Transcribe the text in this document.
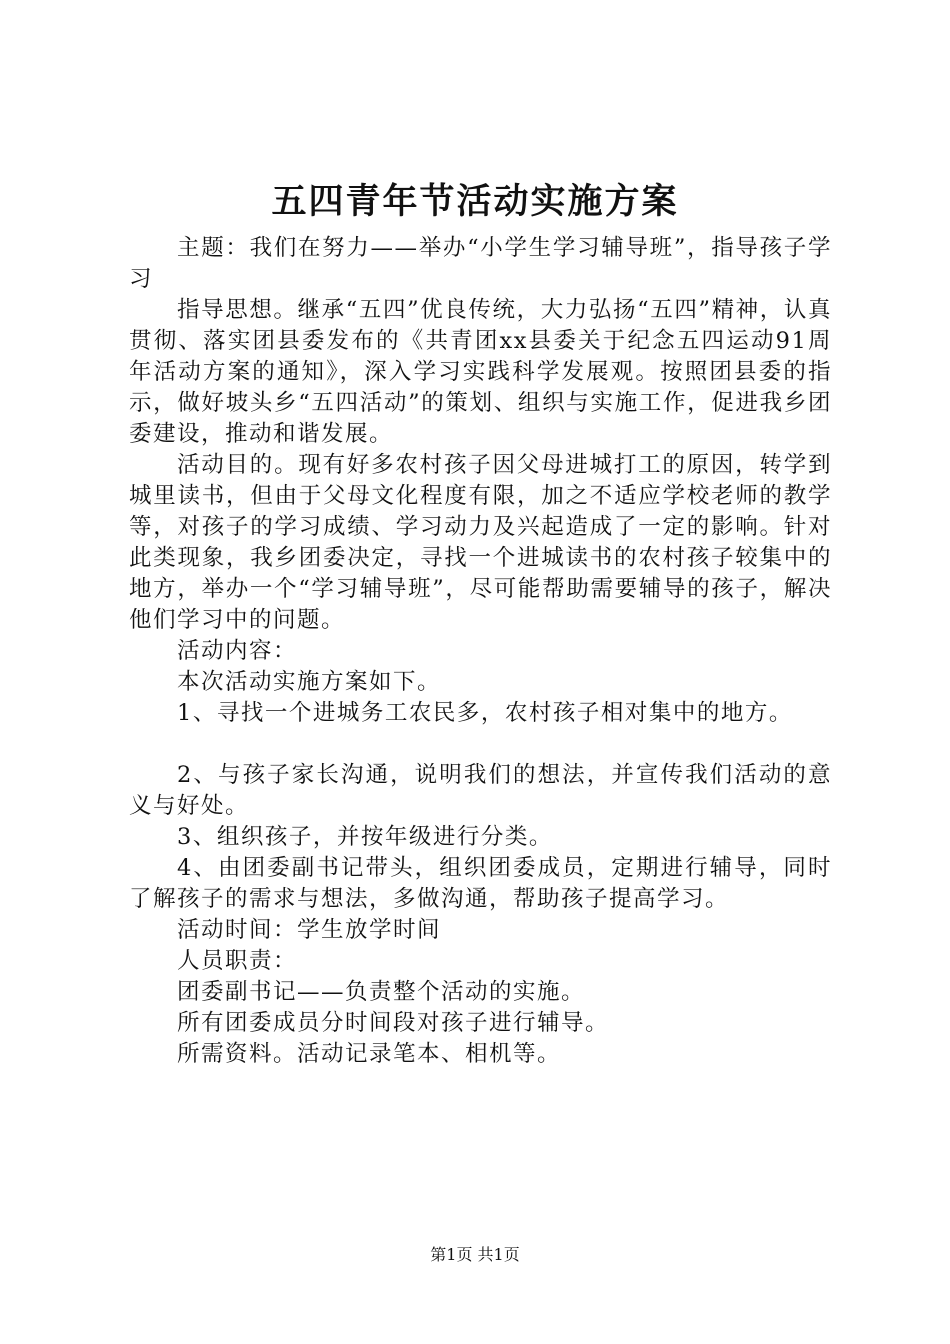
五四青年节活动实施方案

主题：我们在努力——举办“小学生学习辅导班”，指导孩子学习

指导思想。继承“五四”优良传统，大力弘扬“五四”精神，认真贯彻、落实团县委发布的《共青团xx县委关于纪念五四运动91周年活动方案的通知》，深入学习实践科学发展观。按照团县委的指示，做好坡头乡“五四活动”的策划、组织与实施工作，促进我乡团委建设，推动和谐发展。

活动目的。现有好多农村孩子因父母进城打工的原因，转学到城里读书，但由于父母文化程度有限，加之不适应学校老师的教学等，对孩子的学习成绩、学习动力及兴起造成了一定的影响。针对此类现象，我乡团委决定，寻找一个进城读书的农村孩子较集中的地方，举办一个“学习辅导班”，尽可能帮助需要辅导的孩子，解决他们学习中的问题。

活动内容：

本次活动实施方案如下。

1、寻找一个进城务工农民多，农村孩子相对集中的地方。

2、与孩子家长沟通，说明我们的想法，并宣传我们活动的意义与好处。

3、组织孩子，并按年级进行分类。

4、由团委副书记带头，组织团委成员，定期进行辅导，同时了解孩子的需求与想法，多做沟通，帮助孩子提高学习。

活动时间：学生放学时间

人员职责：

团委副书记——负责整个活动的实施。

所有团委成员分时间段对孩子进行辅导。

所需资料。活动记录笔本、相机等。

第1页 共1页
